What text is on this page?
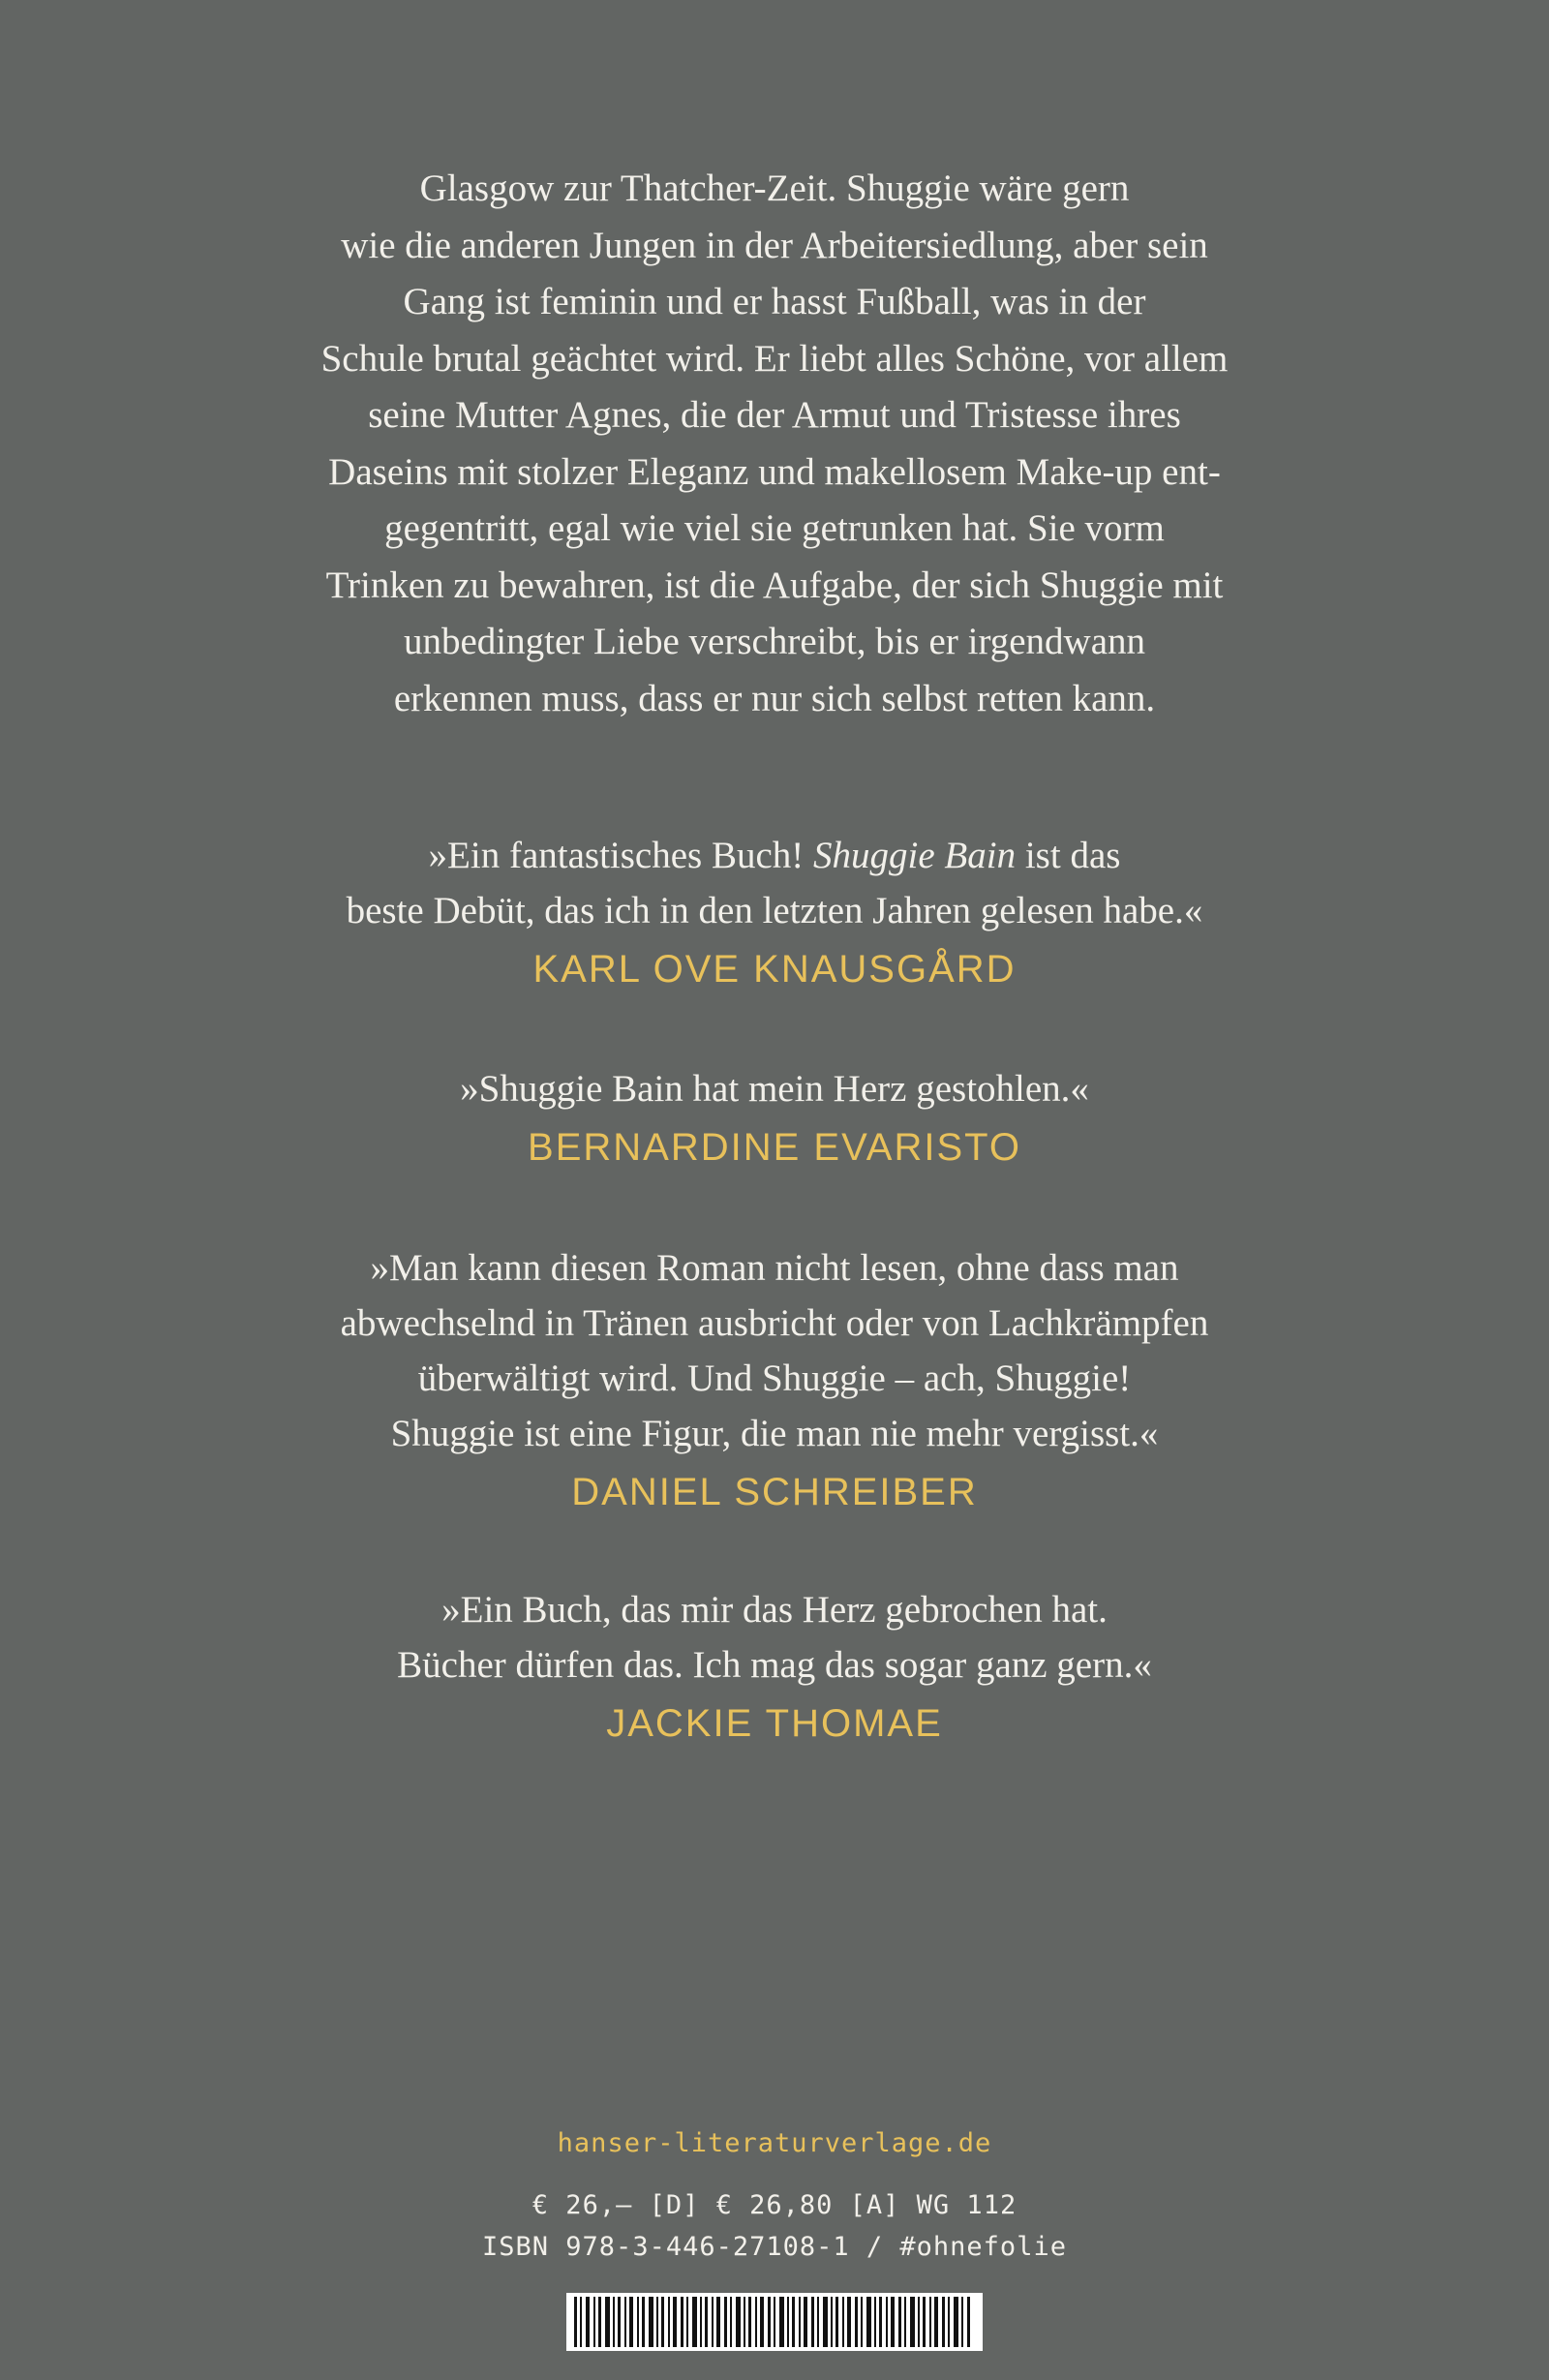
Glasgow zur Thatcher-Zeit. Shuggie wäre gern
wie die anderen Jungen in der Arbeitersiedlung, aber sein
Gang ist feminin und er hasst Fußball, was in der
Schule brutal geächtet wird. Er liebt alles Schöne, vor allem
seine Mutter Agnes, die der Armut und Tristesse ihres
Daseins mit stolzer Eleganz und makellosem Make-up ent-
gegentritt, egal wie viel sie getrunken hat. Sie vorm
Trinken zu bewahren, ist die Aufgabe, der sich Shuggie mit
unbedingter Liebe verschreibt, bis er irgendwann
erkennen muss, dass er nur sich selbst retten kann.
»Ein fantastisches Buch! Shuggie Bain ist das
beste Debüt, das ich in den letzten Jahren gelesen habe.«
KARL OVE KNAUSGÅRD
»Shuggie Bain hat mein Herz gestohlen.«
BERNARDINE EVARISTO
»Man kann diesen Roman nicht lesen, ohne dass man
abwechselnd in Tränen ausbricht oder von Lachkrämpfen
überwältigt wird. Und Shuggie – ach, Shuggie!
Shuggie ist eine Figur, die man nie mehr vergisst.«
DANIEL SCHREIBER
»Ein Buch, das mir das Herz gebrochen hat.
Bücher dürfen das. Ich mag das sogar ganz gern.«
JACKIE THOMAE
hanser-literaturverlage.de
€ 26,– [D] € 26,80 [A] WG 112
ISBN 978-3-446-27108-1 / #ohnefolie
